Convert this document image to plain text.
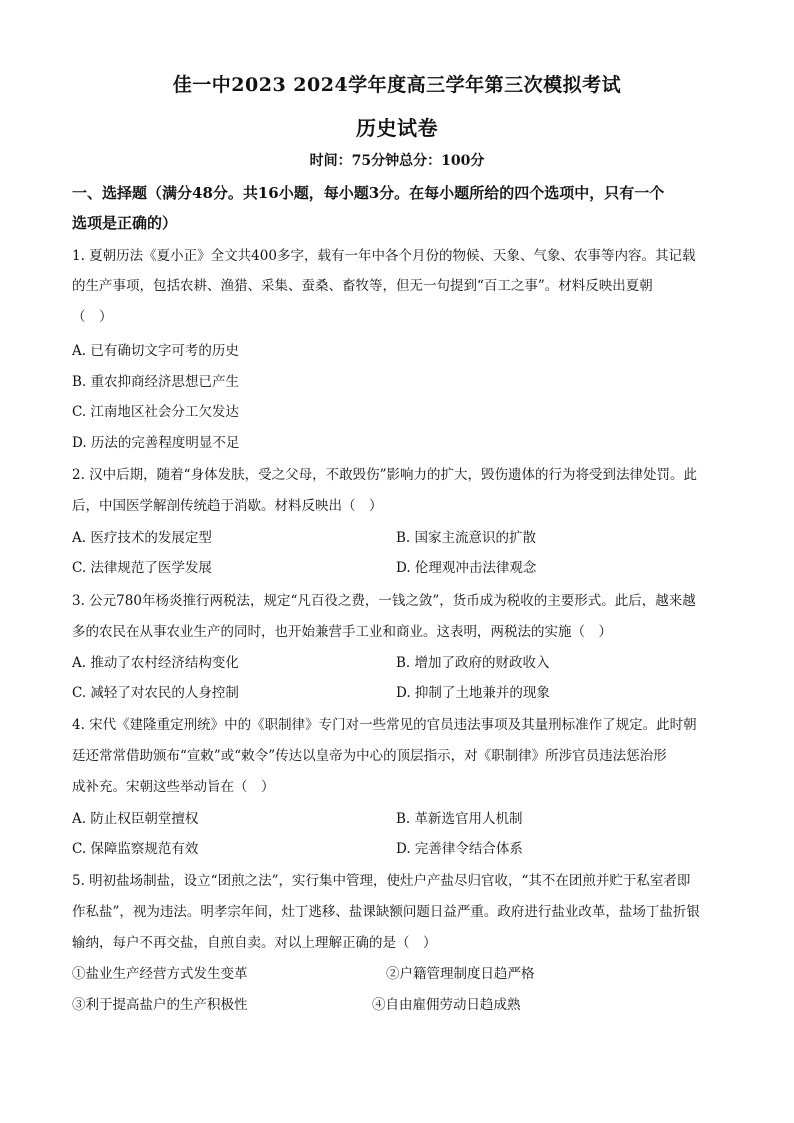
佳一中2023 2024学年度高三学年第三次模拟考试
历史试卷
时间：75分钟总分：100分
一、选择题（满分48分。共16小题，每小题3分。在每小题所给的四个选项中，只有一个
选项是正确的）
1. 夏朝历法《夏小正》全文共400多字，载有一年中各个月份的物候、天象、气象、农事等内容。其记载
的生产事项，包括农耕、渔猎、采集、蚕桑、畜牧等，但无一句提到“百工之事”。材料反映出夏朝
（　）
A. 已有确切文字可考的历史
B. 重农抑商经济思想已产生
C. 江南地区社会分工欠发达
D. 历法的完善程度明显不足
2. 汉中后期，随着“身体发肤，受之父母，不敢毁伤”影响力的扩大，毁伤遗体的行为将受到法律处罚。此
后，中国医学解剖传统趋于消歇。材料反映出（　）
A. 医疗技术的发展定型	B. 国家主流意识的扩散
C. 法律规范了医学发展	D. 伦理观冲击法律观念
3. 公元780年杨炎推行两税法，规定“凡百役之费，一钱之敛”，货币成为税收的主要形式。此后，越来越
多的农民在从事农业生产的同时，也开始兼营手工业和商业。这表明，两税法的实施（　）
A. 推动了农村经济结构变化	B. 增加了政府的财政收入
C. 减轻了对农民的人身控制	D. 抑制了土地兼并的现象
4. 宋代《建隆重定刑统》中的《职制律》专门对一些常见的官员违法事项及其量刑标准作了规定。此时朝
廷还常常借助颁布“宣敕”或“敕令”传达以皇帝为中心的顶层指示，对《职制律》所涉官员违法惩治形
成补充。宋朝这些举动旨在（　）
A. 防止权臣朝堂擅权	B. 革新选官用人机制
C. 保障监察规范有效	D. 完善律令结合体系
5. 明初盐场制盐，设立“团煎之法”，实行集中管理，使灶户产盐尽归官收，“其不在团煎并贮于私室者即
作私盐”，视为违法。明孝宗年间，灶丁逃移、盐课缺额问题日益严重。政府进行盐业改革，盐场丁盐折银
输纳，每户不再交盐，自煎自卖。对以上理解正确的是（　）
①盐业生产经营方式发生变革	②户籍管理制度日趋严格
③利于提高盐户的生产积极性	④自由雇佣劳动日趋成熟
